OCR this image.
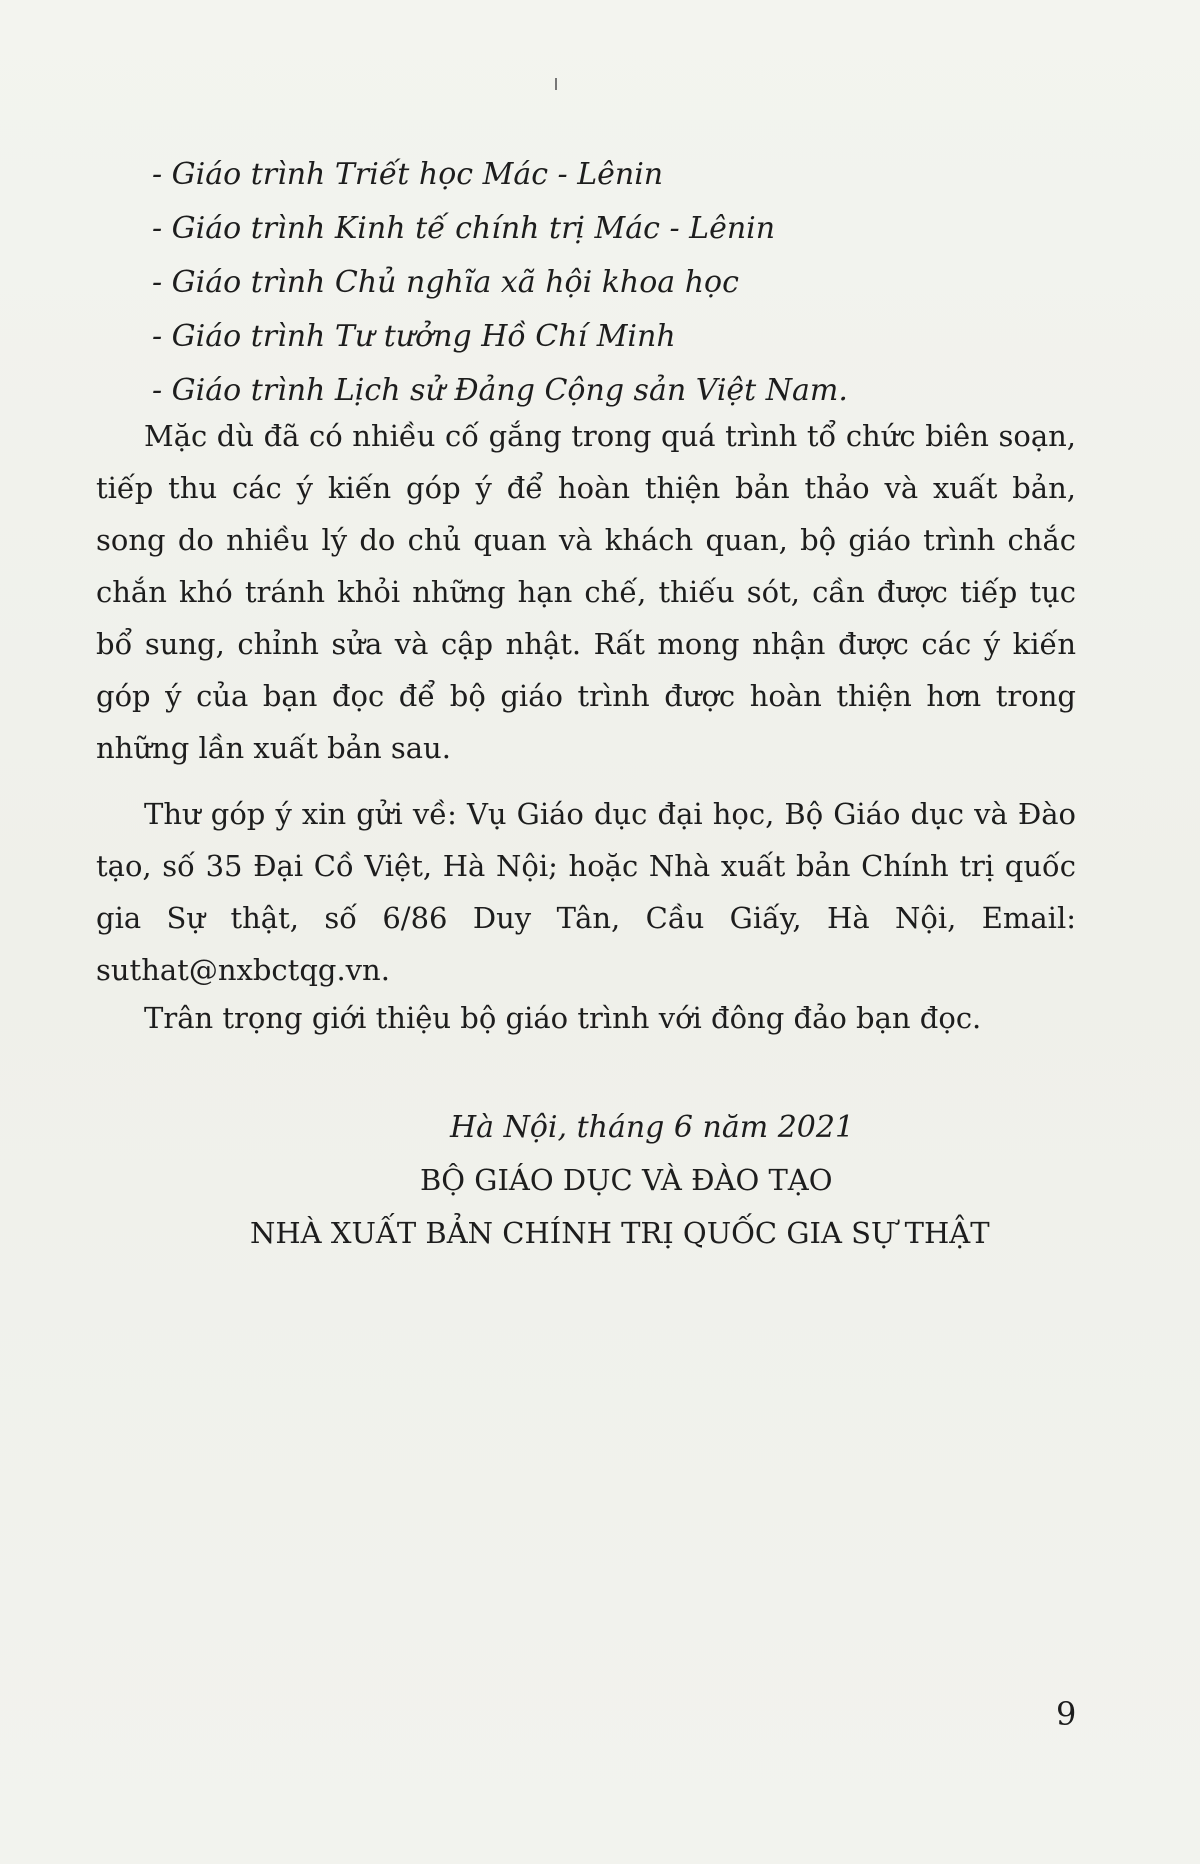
- Giáo trình Triết học Mác - Lênin
- Giáo trình Kinh tế chính trị Mác - Lênin
- Giáo trình Chủ nghĩa xã hội khoa học
- Giáo trình Tư tưởng Hồ Chí Minh
- Giáo trình Lịch sử Đảng Cộng sản Việt Nam.

Mặc dù đã có nhiều cố gắng trong quá trình tổ chức biên soạn, tiếp thu các ý kiến góp ý để hoàn thiện bản thảo và xuất bản, song do nhiều lý do chủ quan và khách quan, bộ giáo trình chắc chắn khó tránh khỏi những hạn chế, thiếu sót, cần được tiếp tục bổ sung, chỉnh sửa và cập nhật. Rất mong nhận được các ý kiến góp ý của bạn đọc để bộ giáo trình được hoàn thiện hơn trong những lần xuất bản sau.

Thư góp ý xin gửi về: Vụ Giáo dục đại học, Bộ Giáo dục và Đào tạo, số 35 Đại Cồ Việt, Hà Nội; hoặc Nhà xuất bản Chính trị quốc gia Sự thật, số 6/86 Duy Tân, Cầu Giấy, Hà Nội, Email: suthat@nxbctqg.vn.

Trân trọng giới thiệu bộ giáo trình với đông đảo bạn đọc.

Hà Nội, tháng 6 năm 2021
BỘ GIÁO DỤC VÀ ĐÀO TẠO
NHÀ XUẤT BẢN CHÍNH TRỊ QUỐC GIA SỰ THẬT
9
